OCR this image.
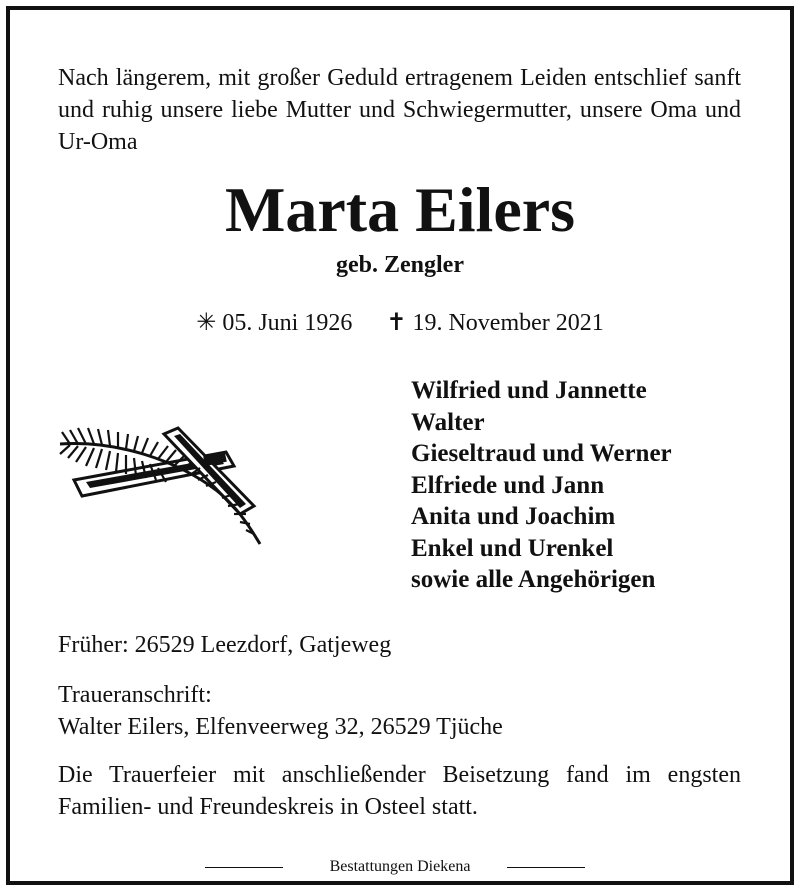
Nach längerem, mit großer Geduld ertragenem Leiden entschlief sanft und ruhig unsere liebe Mutter und Schwiegermutter, unsere Oma und Ur-Oma

Marta Eilers
geb. Zengler
✳ 05. Juni 1926 ✝ 19. November 2021
Wilfried und Jannette
Walter
Gieseltraud und Werner
Elfriede und Jann
Anita und Joachim
Enkel und Urenkel
sowie alle Angehörigen
Früher: 26529 Leezdorf, Gatjeweg
Traueranschrift:
Walter Eilers, Elfenveerweg 32, 26529 Tjüche

Die Trauerfeier mit anschließender Beisetzung fand im engsten Familien- und Freundeskreis in Osteel statt.

Bestattungen Diekena
